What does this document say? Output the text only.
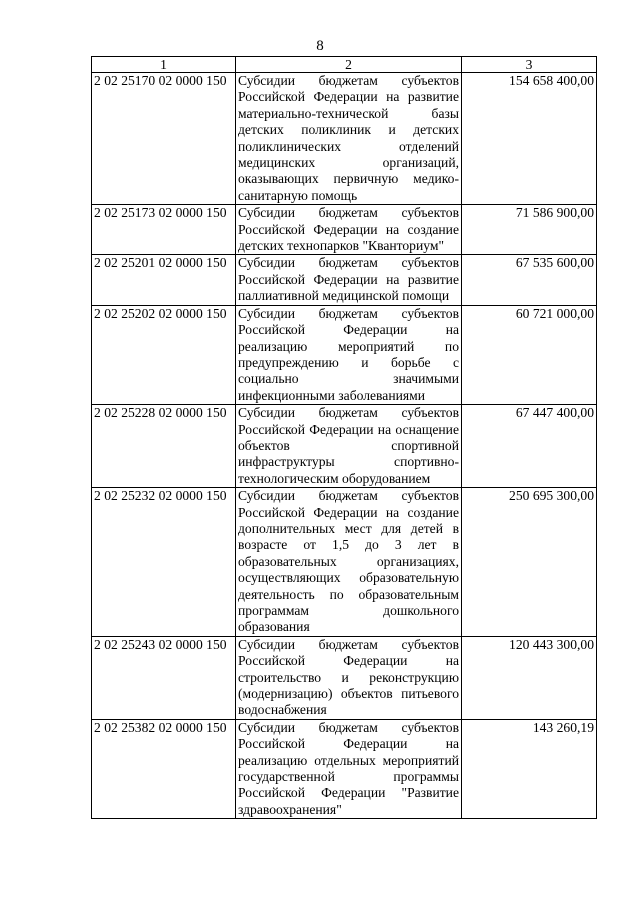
8
1	2	3
2 02 25170 02 0000 150	Субсидии бюджетам субъектов Российской Федерации на развитие материально-технической базы детских поликлиник и детских поликлинических отделений медицинских организаций, оказывающих первичную медико-санитарную помощь	154 658 400,00
2 02 25173 02 0000 150	Субсидии бюджетам субъектов Российской Федерации на создание детских технопарков "Кванториум"	71 586 900,00
2 02 25201 02 0000 150	Субсидии бюджетам субъектов Российской Федерации на развитие паллиативной медицинской помощи	67 535 600,00
2 02 25202 02 0000 150	Субсидии бюджетам субъектов Российской Федерации на реализацию мероприятий по предупреждению и борьбе с социально значимыми инфекционными заболеваниями	60 721 000,00
2 02 25228 02 0000 150	Субсидии бюджетам субъектов Российской Федерации на оснащение объектов спортивной инфраструктуры спортивно-технологическим оборудованием	67 447 400,00
2 02 25232 02 0000 150	Субсидии бюджетам субъектов Российской Федерации на создание дополнительных мест для детей в возрасте от 1,5 до 3 лет в образовательных организациях, осуществляющих образовательную деятельность по образовательным программам дошкольного образования	250 695 300,00
2 02 25243 02 0000 150	Субсидии бюджетам субъектов Российской Федерации на строительство и реконструкцию (модернизацию) объектов питьевого водоснабжения	120 443 300,00
2 02 25382 02 0000 150	Субсидии бюджетам субъектов Российской Федерации на реализацию отдельных мероприятий государственной программы Российской Федерации "Развитие здравоохранения"	143 260,19
